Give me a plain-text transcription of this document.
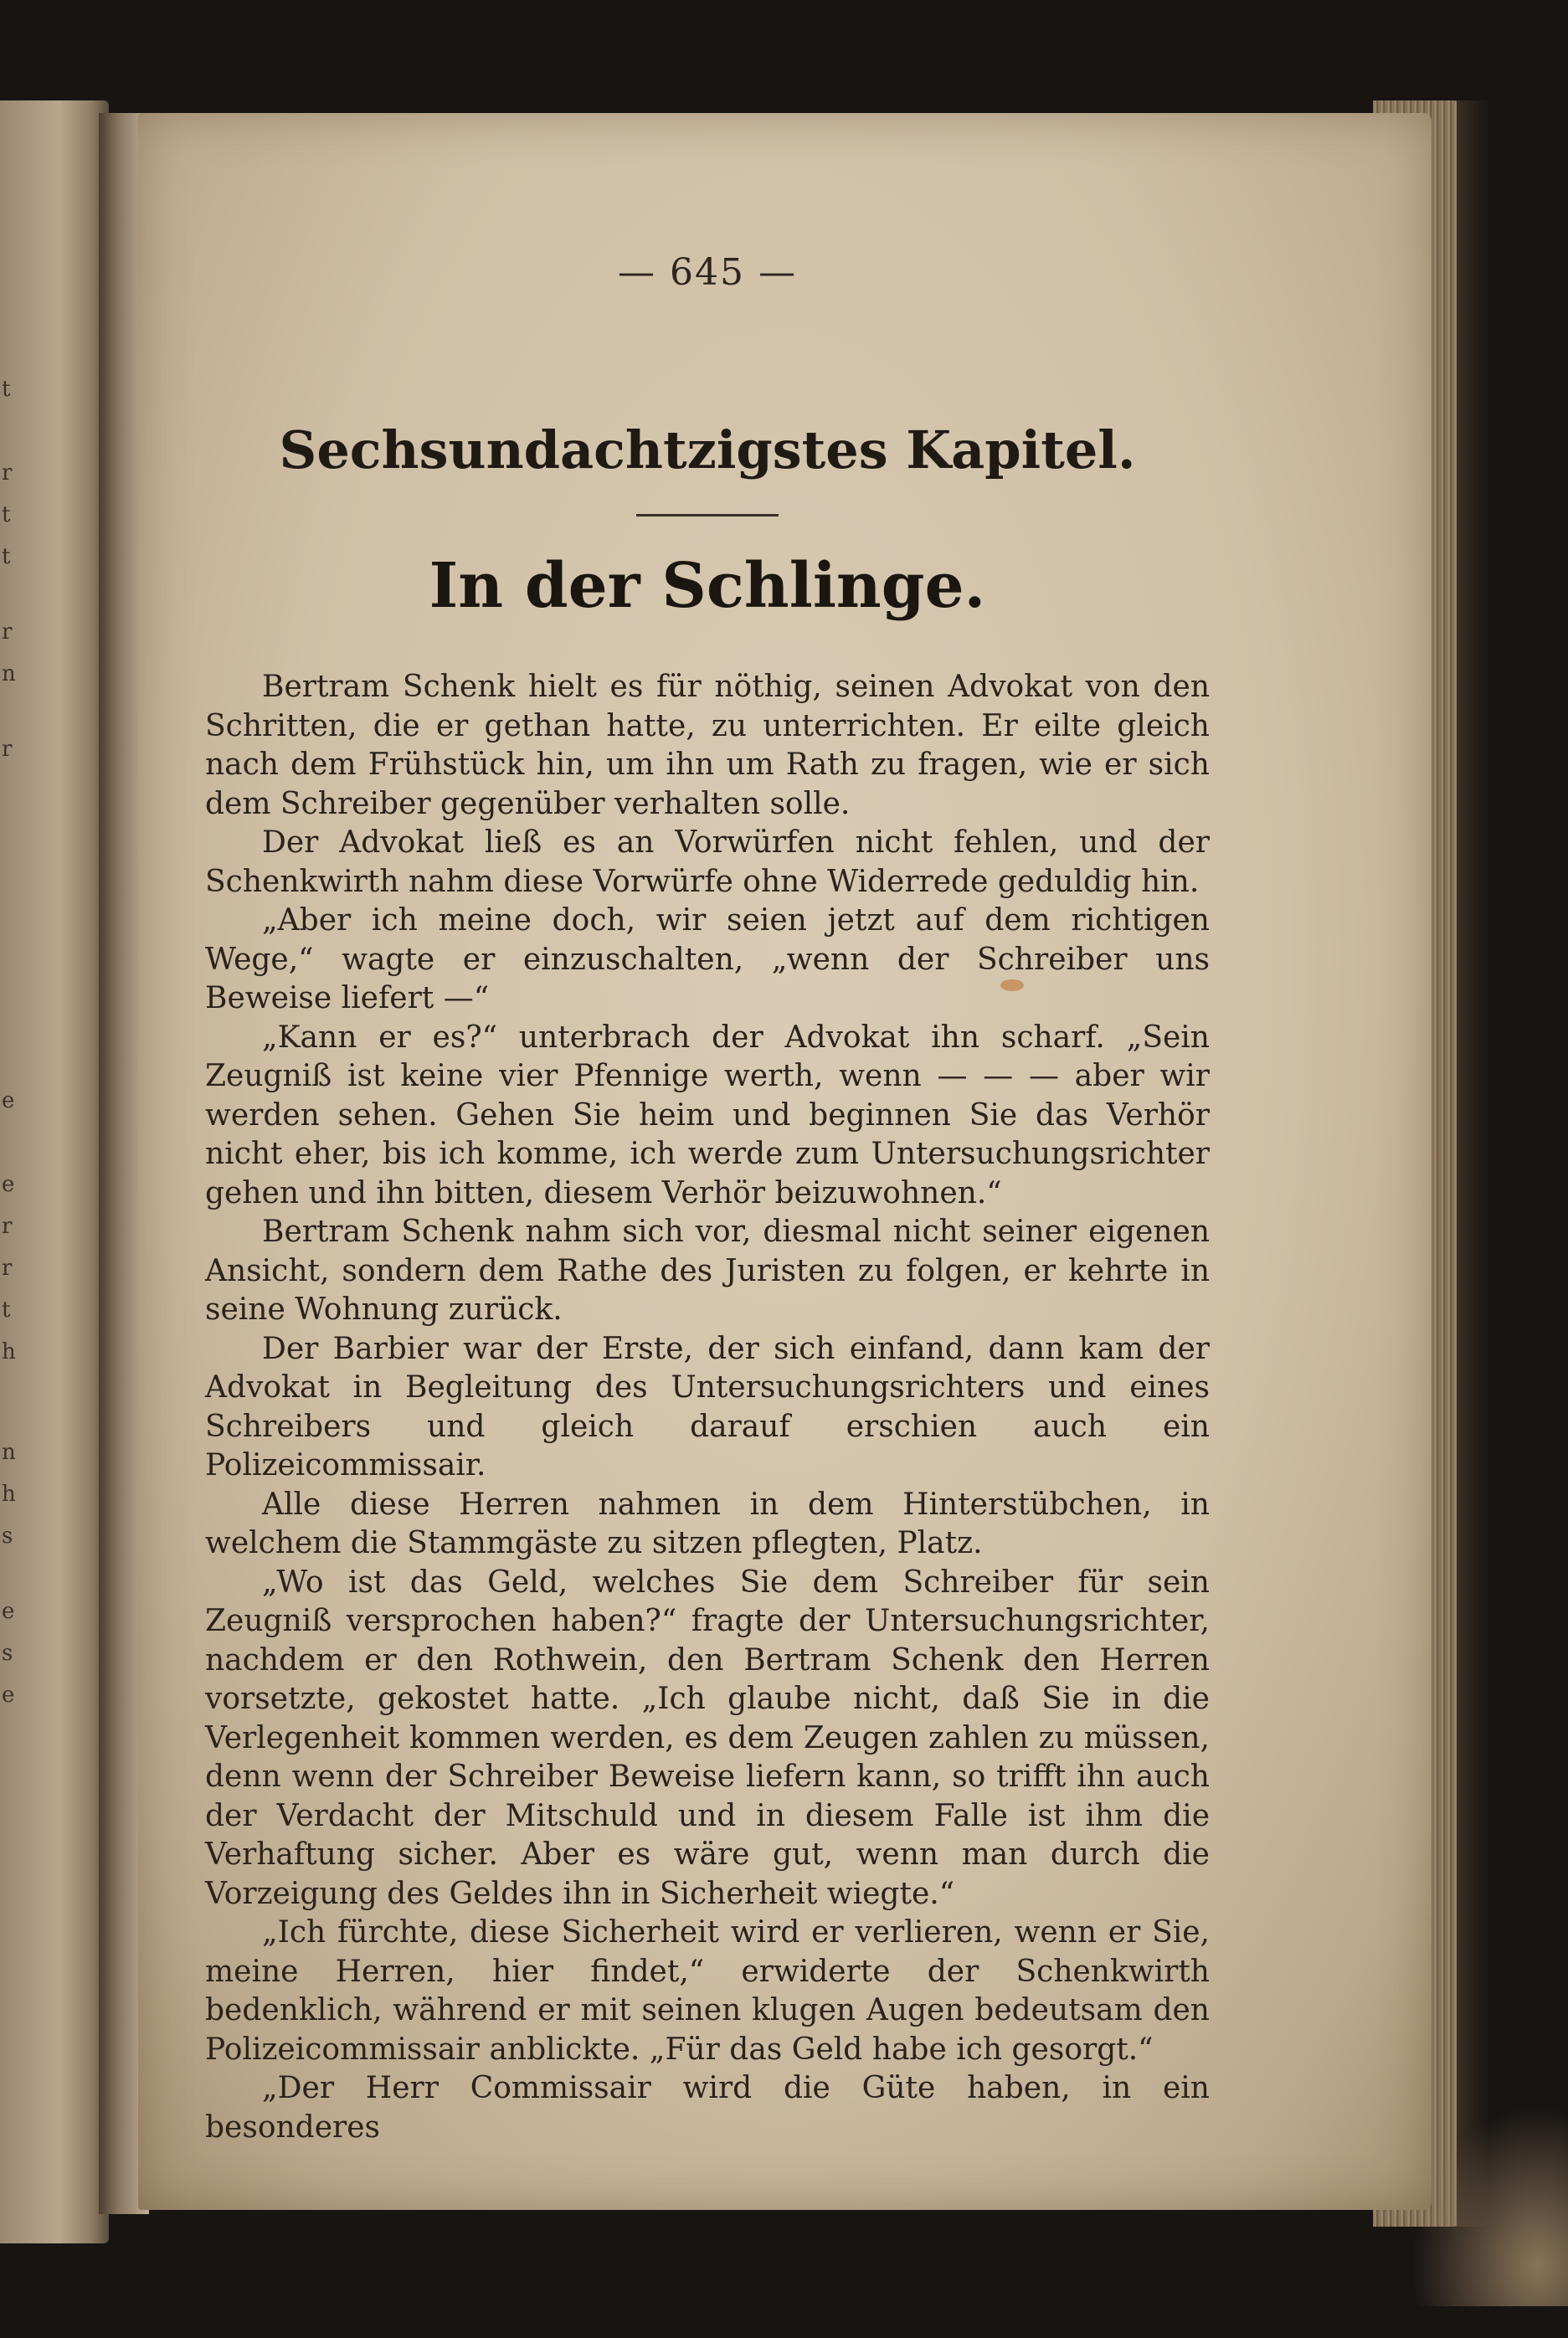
t
r
t
t
r
n
r
e
e
r
r
t
h
n
h
s
e
s
e
— 645 —
Sechsundachtzigstes Kapitel.
In der Schlinge.

Bertram Schenk hielt es für nöthig, seinen Advokat von den Schritten, die er gethan hatte, zu unterrichten. Er eilte gleich nach dem Frühstück hin, um ihn um Rath zu fragen, wie er sich dem Schreiber gegenüber verhalten solle.

Der Advokat ließ es an Vorwürfen nicht fehlen, und der Schenkwirth nahm diese Vorwürfe ohne Widerrede geduldig hin.

„Aber ich meine doch, wir seien jetzt auf dem richtigen Wege,“ wagte er einzuschalten, „wenn der Schreiber uns Beweise liefert —“

„Kann er es?“ unterbrach der Advokat ihn scharf. „Sein Zeugniß ist keine vier Pfennige werth, wenn — — — aber wir werden sehen. Gehen Sie heim und beginnen Sie das Verhör nicht eher, bis ich komme, ich werde zum Untersuchungsrichter gehen und ihn bitten, diesem Verhör beizuwohnen.“

Bertram Schenk nahm sich vor, diesmal nicht seiner eigenen Ansicht, sondern dem Rathe des Juristen zu folgen, er kehrte in seine Wohnung zurück.

Der Barbier war der Erste, der sich einfand, dann kam der Advokat in Begleitung des Untersuchungsrichters und eines Schreibers und gleich darauf erschien auch ein Polizeicommissair.

Alle diese Herren nahmen in dem Hinterstübchen, in welchem die Stammgäste zu sitzen pflegten, Platz.

„Wo ist das Geld, welches Sie dem Schreiber für sein Zeugniß versprochen haben?“ fragte der Untersuchungsrichter, nachdem er den Rothwein, den Bertram Schenk den Herren vorsetzte, gekostet hatte. „Ich glaube nicht, daß Sie in die Verlegenheit kommen werden, es dem Zeugen zahlen zu müssen, denn wenn der Schreiber Beweise liefern kann, so trifft ihn auch der Verdacht der Mitschuld und in diesem Falle ist ihm die Verhaftung sicher. Aber es wäre gut, wenn man durch die Vorzeigung des Geldes ihn in Sicherheit wiegte.“

„Ich fürchte, diese Sicherheit wird er verlieren, wenn er Sie, meine Herren, hier findet,“ erwiderte der Schenkwirth bedenklich, während er mit seinen klugen Augen bedeutsam den Polizeicommissair anblickte. „Für das Geld habe ich gesorgt.“

„Der Herr Commissair wird die Güte haben, in ein besonderes
